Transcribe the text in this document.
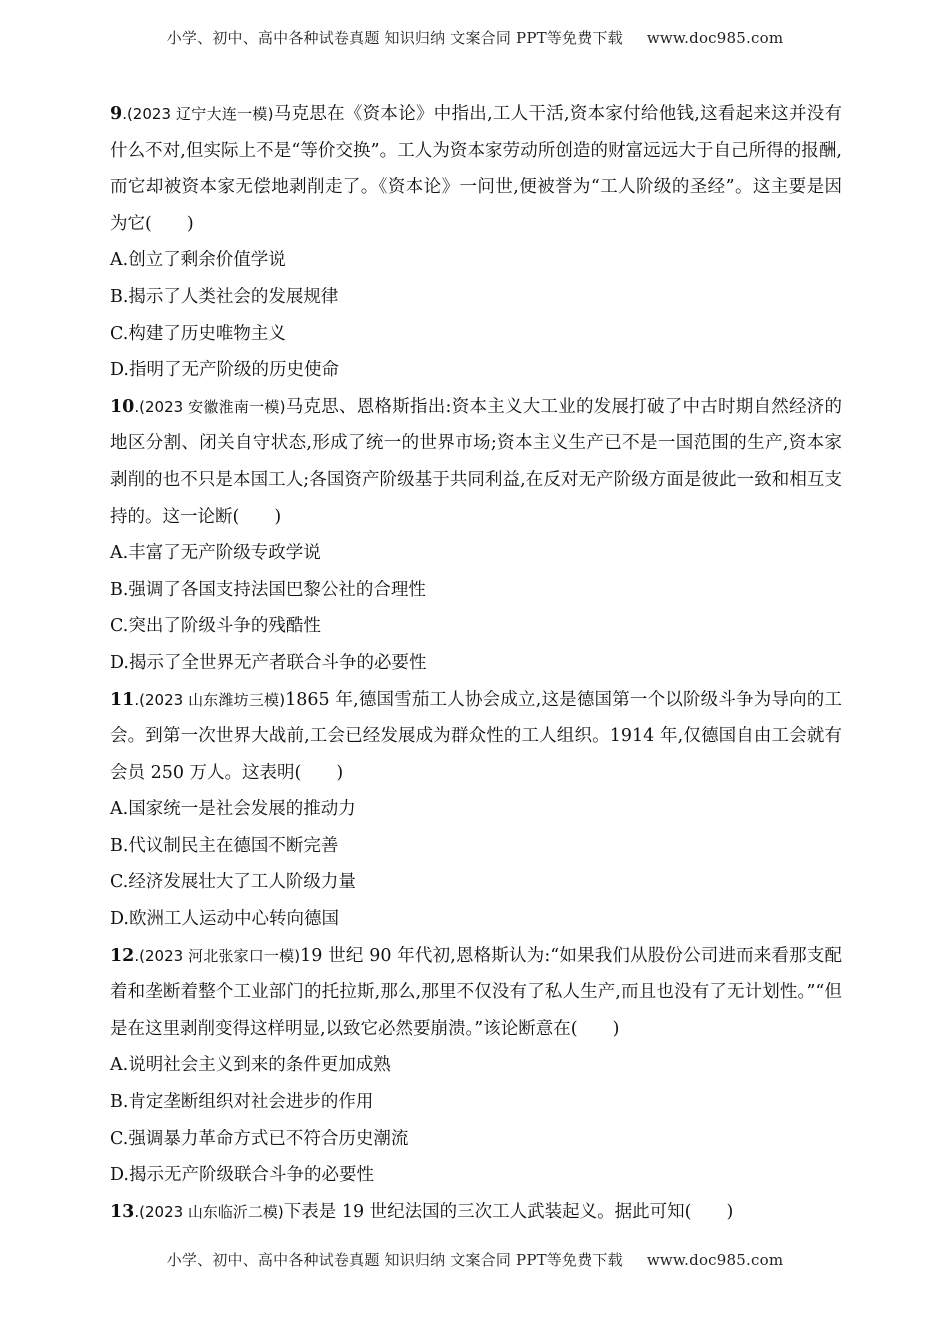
小学、初中、高中各种试卷真题 知识归纳 文案合同 PPT等免费下载 www.doc985.com
9.(2023 辽宁大连一模)马克思在《资本论》中指出,工人干活,资本家付给他钱,这看起来这并没有什么不对,但实际上不是“等价交换”。工人为资本家劳动所创造的财富远远大于自己所得的报酬,而它却被资本家无偿地剥削走了。《资本论》一问世,便被誉为“工人阶级的圣经”。这主要是因为它(　　)
A.创立了剩余价值学说
B.揭示了人类社会的发展规律
C.构建了历史唯物主义
D.指明了无产阶级的历史使命
10.(2023 安徽淮南一模)马克思、恩格斯指出:资本主义大工业的发展打破了中古时期自然经济的地区分割、闭关自守状态,形成了统一的世界市场;资本主义生产已不是一国范围的生产,资本家剥削的也不只是本国工人;各国资产阶级基于共同利益,在反对无产阶级方面是彼此一致和相互支持的。这一论断(　　)
A.丰富了无产阶级专政学说
B.强调了各国支持法国巴黎公社的合理性
C.突出了阶级斗争的残酷性
D.揭示了全世界无产者联合斗争的必要性
11.(2023 山东潍坊三模)1865 年,德国雪茄工人协会成立,这是德国第一个以阶级斗争为导向的工会。到第一次世界大战前,工会已经发展成为群众性的工人组织。1914 年,仅德国自由工会就有会员 250 万人。这表明(　　)
A.国家统一是社会发展的推动力
B.代议制民主在德国不断完善
C.经济发展壮大了工人阶级力量
D.欧洲工人运动中心转向德国
12.(2023 河北张家口一模)19 世纪 90 年代初,恩格斯认为:“如果我们从股份公司进而来看那支配着和垄断着整个工业部门的托拉斯,那么,那里不仅没有了私人生产,而且也没有了无计划性。”“但是在这里剥削变得这样明显,以致它必然要崩溃。”该论断意在(　　)
A.说明社会主义到来的条件更加成熟
B.肯定垄断组织对社会进步的作用
C.强调暴力革命方式已不符合历史潮流
D.揭示无产阶级联合斗争的必要性
13.(2023 山东临沂二模)下表是 19 世纪法国的三次工人武装起义。据此可知(　　)
小学、初中、高中各种试卷真题 知识归纳 文案合同 PPT等免费下载 www.doc985.com
